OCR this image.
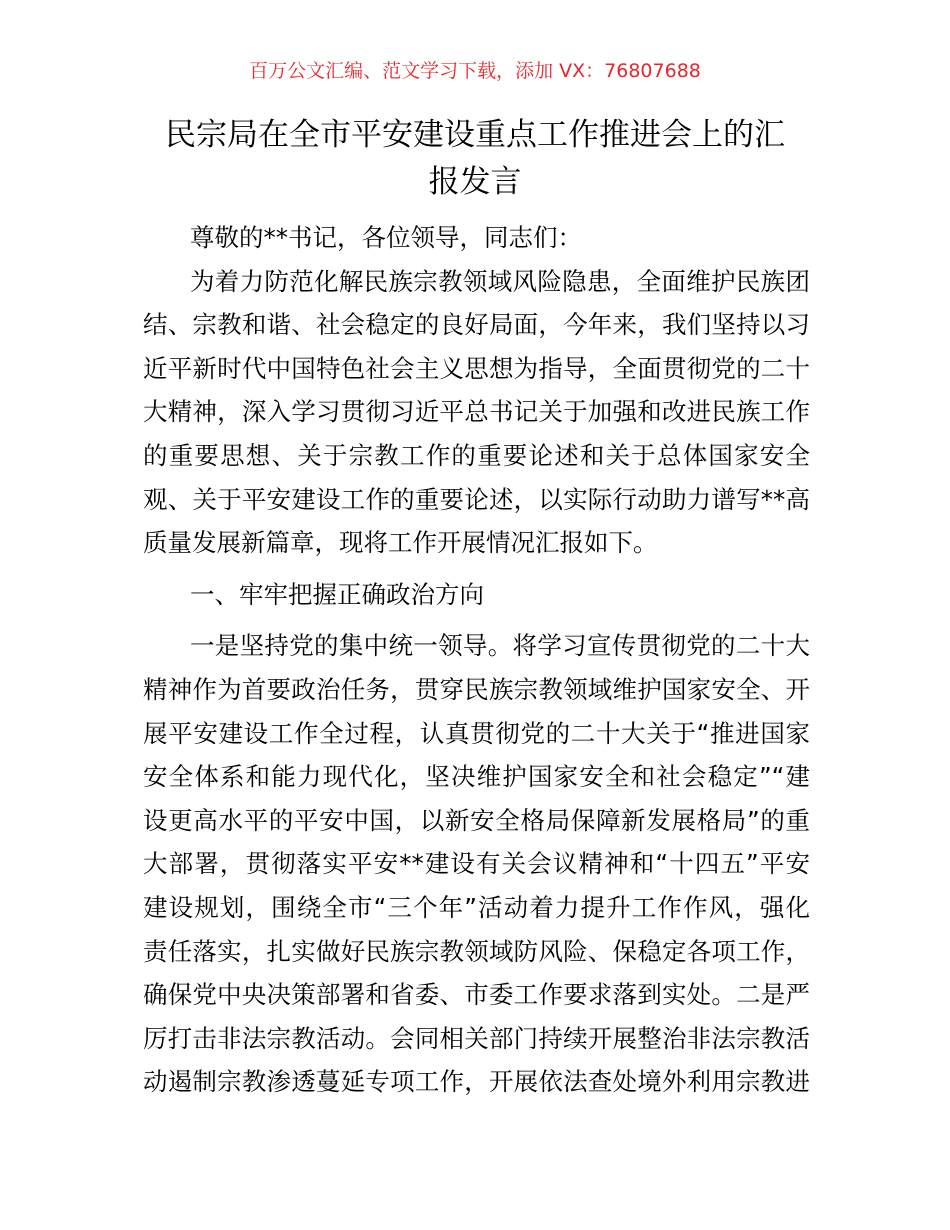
百万公文汇编、范文学习下载，添加 VX：76807688
民宗局在全市平安建设重点工作推进会上的汇
报发言
尊敬的**书记，各位领导，同志们：
为着力防范化解民族宗教领域风险隐患，全面维护民族团
结、宗教和谐、社会稳定的良好局面，今年来，我们坚持以习
近平新时代中国特色社会主义思想为指导，全面贯彻党的二十
大精神，深入学习贯彻习近平总书记关于加强和改进民族工作
的重要思想、关于宗教工作的重要论述和关于总体国家安全
观、关于平安建设工作的重要论述，以实际行动助力谱写**高
质量发展新篇章，现将工作开展情况汇报如下。
一、牢牢把握正确政治方向
一是坚持党的集中统一领导。将学习宣传贯彻党的二十大
精神作为首要政治任务，贯穿民族宗教领域维护国家安全、开
展平安建设工作全过程，认真贯彻党的二十大关于“推进国家
安全体系和能力现代化，坚决维护国家安全和社会稳定”“建
设更高水平的平安中国，以新安全格局保障新发展格局”的重
大部署，贯彻落实平安**建设有关会议精神和“十四五”平安
建设规划，围绕全市“三个年”活动着力提升工作作风，强化
责任落实，扎实做好民族宗教领域防风险、保稳定各项工作，
确保党中央决策部署和省委、市委工作要求落到实处。二是严
厉打击非法宗教活动。会同相关部门持续开展整治非法宗教活
动遏制宗教渗透蔓延专项工作，开展依法查处境外利用宗教进
